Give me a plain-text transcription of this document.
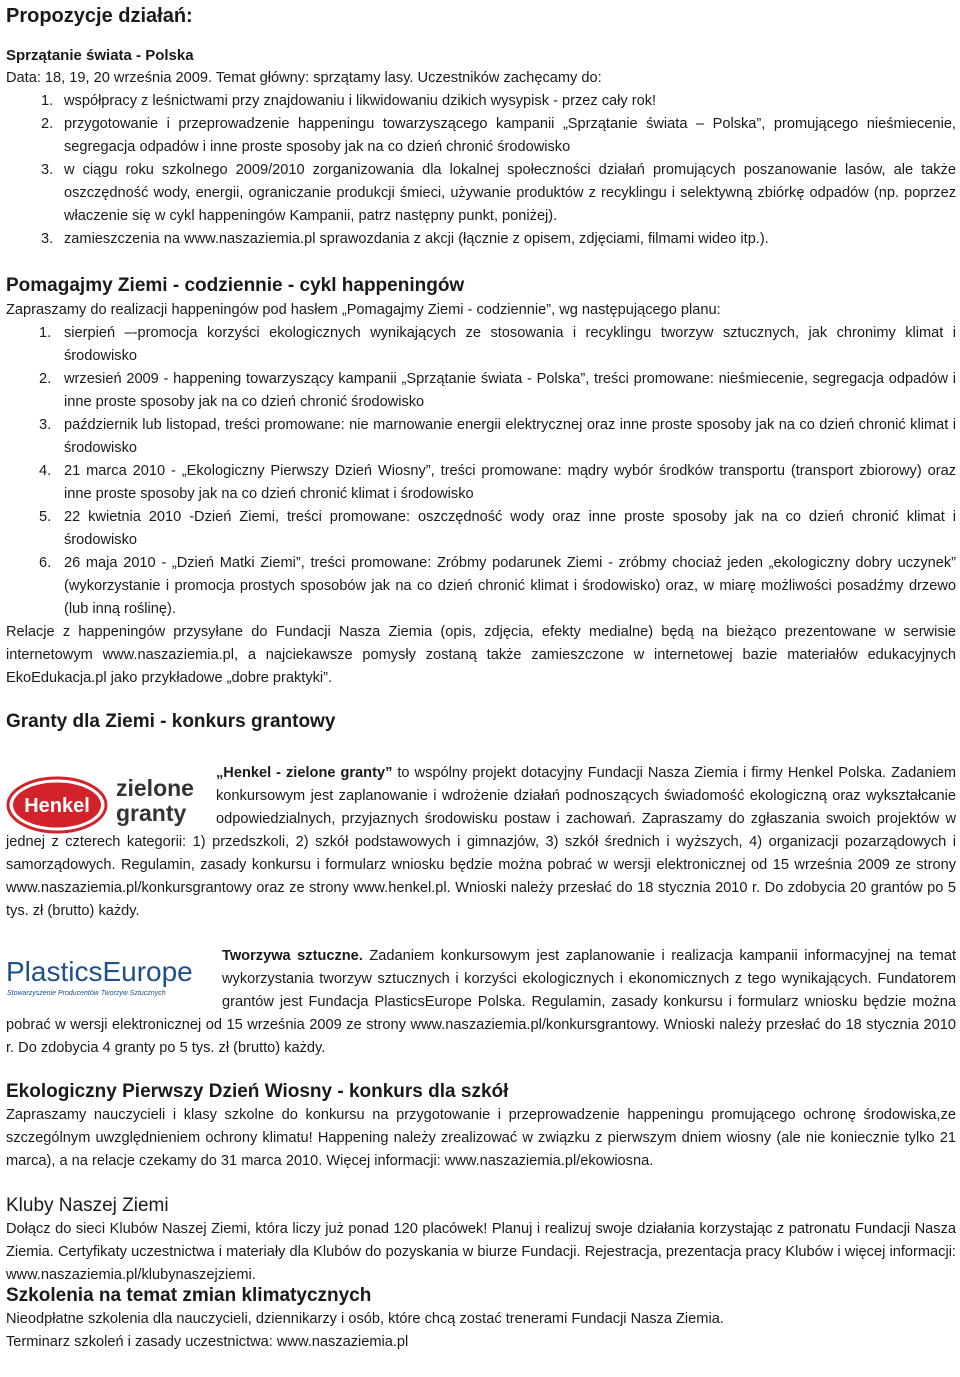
Propozycje działań:
Sprzątanie świata - Polska
Data: 18, 19, 20 września 2009. Temat główny: sprzątamy lasy. Uczestników zachęcamy do:
1. współpracy z leśnictwami przy znajdowaniu i likwidowaniu dzikich wysypisk - przez cały rok!
2. przygotowanie i przeprowadzenie happeningu towarzyszącego kampanii „Sprzątanie świata – Polska”, promującego nieśmiecenie, segregacja odpadów i inne proste sposoby jak na co dzień chronić środowisko
3. w ciągu roku szkolnego 2009/2010 zorganizowania dla lokalnej społeczności działań promujących poszanowanie lasów, ale także oszczędność wody, energii, ograniczanie produkcji śmieci, używanie produktów z recyklingu i selektywną zbiórkę odpadów (np. poprzez właczenie się w cykl happeningów Kampanii, patrz następny punkt, poniżej).
3. zamieszczenia na www.naszaziemia.pl sprawozdania z akcji (łącznie z opisem, zdjęciami, filmami wideo itp.).
Pomagajmy Ziemi - codziennie - cykl happeningów
Zapraszamy do realizacji happeningów pod hasłem „Pomagajmy Ziemi - codziennie”, wg następującego planu:
1. sierpień –-promocja korzyści ekologicznych wynikających ze stosowania i recyklingu tworzyw sztucznych, jak chronimy klimat i środowisko
2. wrzesień 2009 - happening towarzyszący kampanii „Sprzątanie świata - Polska”, treści promowane: nieśmiecenie, segregacja odpadów i inne proste sposoby jak na co dzień chronić środowisko
3. październik lub listopad, treści promowane: nie marnowanie energii elektrycznej oraz inne proste sposoby jak na co dzień chronić klimat i środowisko
4. 21 marca 2010 - „Ekologiczny Pierwszy Dzień Wiosny”, treści promowane: mądry wybór środków transportu (transport zbiorowy) oraz inne proste sposoby jak na co dzień chronić klimat i środowisko
5. 22 kwietnia 2010 -Dzień Ziemi, treści promowane: oszczędność wody oraz inne proste sposoby jak na co dzień chronić klimat i środowisko
6. 26 maja 2010 - „Dzień Matki Ziemi”, treści promowane: Zróbmy podarunek Ziemi - zróbmy chociaż jeden „ekologiczny dobry uczynek” (wykorzystanie i promocja prostych sposobów jak na co dzień chronić klimat i środowisko) oraz, w miarę możliwości posadźmy drzewo (lub inną roślinę).
Relacje z happeningów przysyłane do Fundacji Nasza Ziemia (opis, zdjęcia, efekty medialne) będą na bieżąco prezentowane w serwisie internetowym www.naszaziemia.pl, a najciekawsze pomysły zostaną także zamieszczone w internetowej bazie materiałów edukacyjnych EkoEdukacja.pl jako przykładowe „dobre praktyki”.
Granty dla Ziemi - konkurs grantowy
Henkel
zielone
granty
„Henkel - zielone granty” to wspólny projekt dotacyjny Fundacji Nasza Ziemia i firmy Henkel Polska. Zadaniem konkursowym jest zaplanowanie i wdrożenie działań podnoszących świadomość ekologiczną oraz wykształcanie odpowiedzialnych, przyjaznych środowisku postaw i zachowań. Zapraszamy do zgłaszania swoich projektów w jednej z czterech kategorii: 1) przedszkoli, 2) szkół podstawowych i gimnazjów, 3) szkół średnich i wyższych, 4) organizacji pozarządowych i samorządowych. Regulamin, zasady konkursu i formularz wniosku będzie można pobrać w wersji elektronicznej od 15 września 2009 ze strony www.naszaziemia.pl/konkursgrantowy oraz ze strony www.henkel.pl. Wnioski należy przesłać do 18 stycznia 2010 r. Do zdobycia 20 grantów po 5 tys. zł (brutto) każdy.
PlasticsEurope
Stowarzyszenie Producentów Tworzyw Sztucznych
Tworzywa sztuczne. Zadaniem konkursowym jest zaplanowanie i realizacja kampanii informacyjnej na temat wykorzystania tworzyw sztucznych i korzyści ekologicznych i ekonomicznych z tego wynikających. Fundatorem grantów jest Fundacja PlasticsEurope Polska. Regulamin, zasady konkursu i formularz wniosku będzie można pobrać w wersji elektronicznej od 15 września 2009 ze strony www.naszaziemia.pl/konkursgrantowy. Wnioski należy przesłać do 18 stycznia 2010 r. Do zdobycia 4 granty po 5 tys. zł (brutto) każdy.
Ekologiczny Pierwszy Dzień Wiosny - konkurs dla szkół
Zapraszamy nauczycieli i klasy szkolne do konkursu na przygotowanie i przeprowadzenie happeningu promującego ochronę środowiska,ze szczególnym uwzględnieniem ochrony klimatu! Happening należy zrealizować w związku z pierwszym dniem wiosny (ale nie koniecznie tylko 21 marca), a na relacje czekamy do 31 marca 2010. Więcej informacji: www.naszaziemia.pl/ekowiosna.
Kluby Naszej Ziemi
Dołącz do sieci Klubów Naszej Ziemi, która liczy już ponad 120 placówek! Planuj i realizuj swoje działania korzystając z patronatu Fundacji Nasza Ziemia. Certyfikaty uczestnictwa i materiały dla Klubów do pozyskania w biurze Fundacji. Rejestracja, prezentacja pracy Klubów i więcej informacji: www.naszaziemia.pl/klubynaszejziemi.
Szkolenia na temat zmian klimatycznych
Nieodpłatne szkolenia dla nauczycieli, dziennikarzy i osób, które chcą zostać trenerami Fundacji Nasza Ziemia.
Terminarz szkoleń i zasady uczestnictwa: www.naszaziemia.pl
